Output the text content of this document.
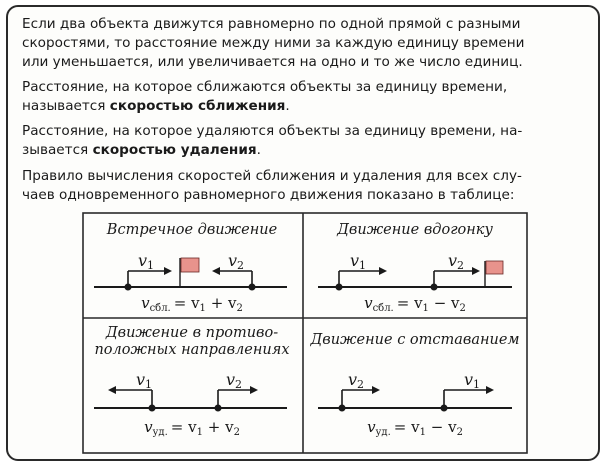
Если два объекта движутся равномерно по одной прямой с разными
скоростями, то расстояние между ними за каждую единицу времени
или уменьшается, или увеличивается на одно и то же число единиц.
Расстояние, на которое сближаются объекты за единицу времени,
называется скоростью сближения.
Расстояние, на которое удаляются объекты за единицу времени, на-
зывается скоростью удаления.
Правило вычисления скоростей сближения и удаления для всех слу-
чаев одновременного равномерного движения показано в таблице:
Встречное движение
v1	v2
$v_{сбл.} = v_1 + v_2$
Движение вдогонку
v1	v2
$v_{сбл.} = v_1 - v_2$
Движение в противо-
положных направлениях
v1	v2
$v_{уд.} = v_1 + v_2$
Движение с отставанием
v2	v1
$v_{уд.} = v_1 - v_2$
